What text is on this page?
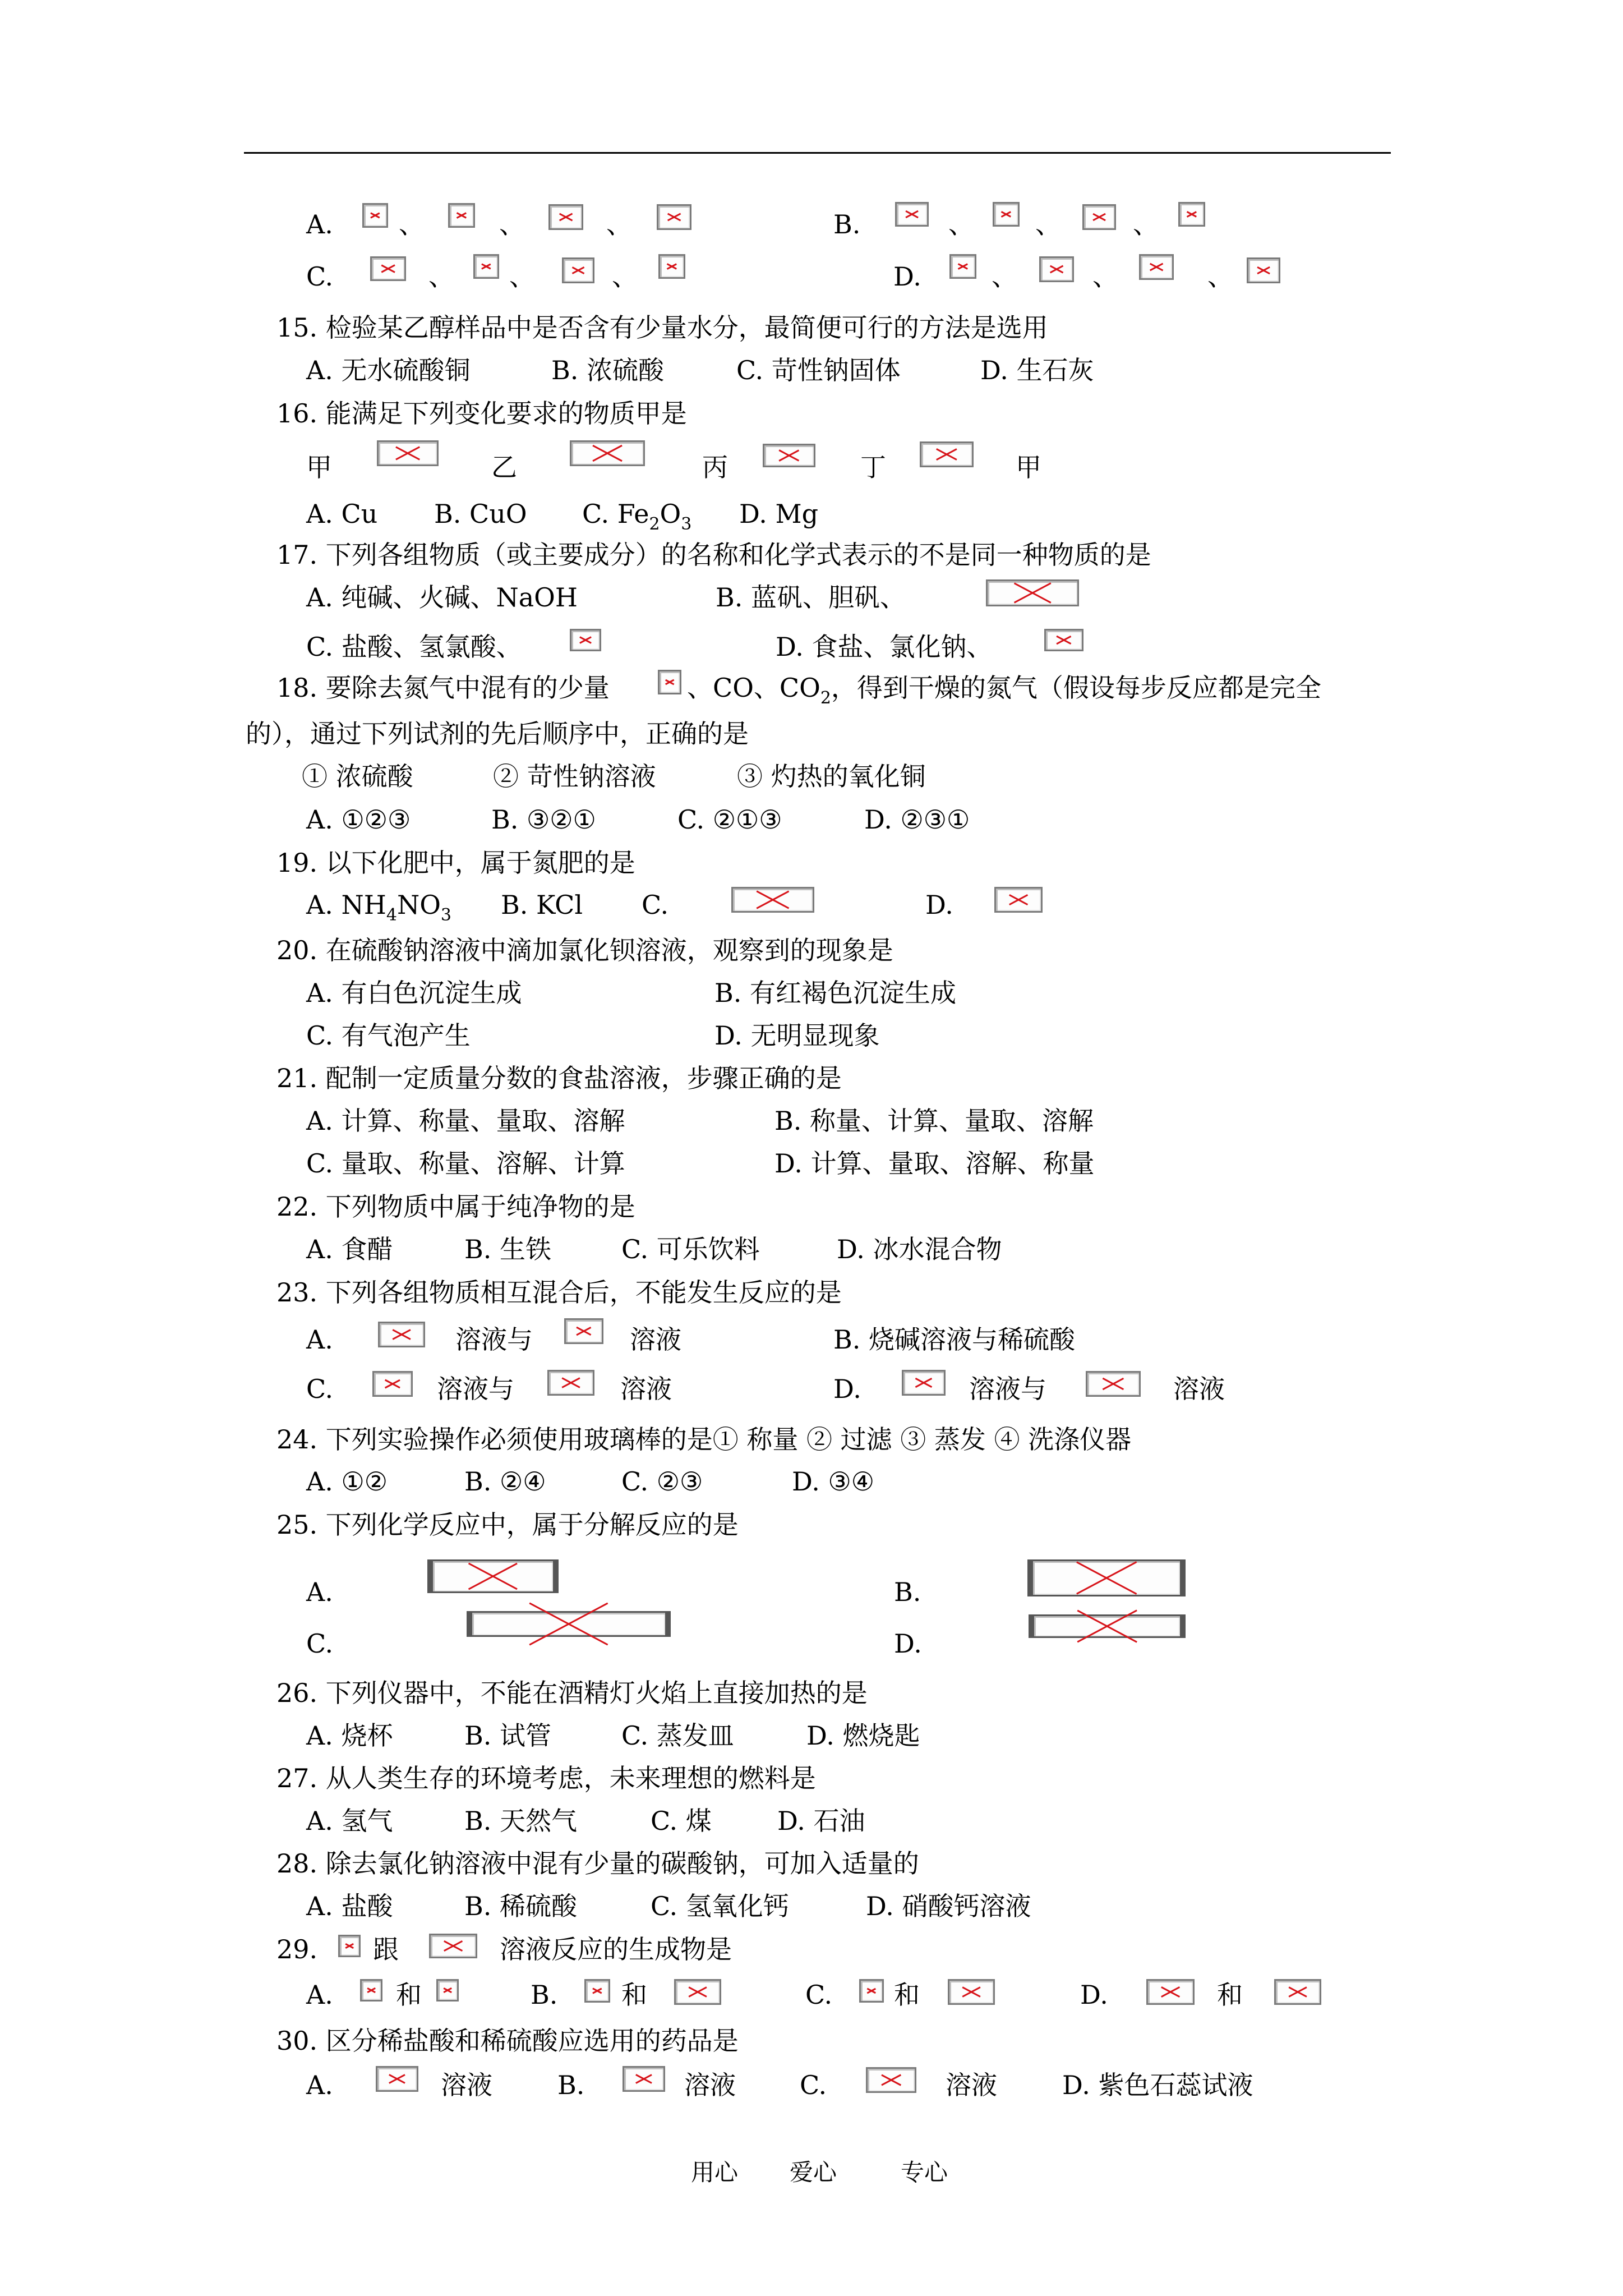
A.	、	、	、	B.	、 、	、
C.	、 、	、	D.	、	、	、
15. 检验某乙醇样品中是否含有少量水分，最简便可行的方法是选用
A. 无水硫酸铜	B. 浓硫酸	C. 苛性钠固体	D. 生石灰
16. 能满足下列变化要求的物质甲是
甲	乙	丙	丁	甲
A. Cu B. CuO C. $Fe_2O_3$ D. Mg
17. 下列各组物质（或主要成分）的名称和化学式表示的不是同一种物质的是
A. 纯碱、火碱、NaOH	B. 蓝矾、胆矾、
C. 盐酸、氢氯酸、	D. 食盐、氯化钠、
18. 要除去氮气中混有的少量	、CO、$CO_2$，得到干燥的氮气（假设每步反应都是完全
的），通过下列试剂的先后顺序中，正确的是
① 浓硫酸	② 苛性钠溶液	③ 灼热的氧化铜
A. ①②③	B. ③②①	C. ②①③	D. ②③①
19. 以下化肥中，属于氮肥的是
A. $NH_4NO_3$ B. KCl C.	D.
20. 在硫酸钠溶液中滴加氯化钡溶液，观察到的现象是
A. 有白色沉淀生成	B. 有红褐色沉淀生成
C. 有气泡产生	D. 无明显现象
21. 配制一定质量分数的食盐溶液，步骤正确的是
A. 计算、称量、量取、溶解	B. 称量、计算、量取、溶解
C. 量取、称量、溶解、计算	D. 计算、量取、溶解、称量
22. 下列物质中属于纯净物的是
A. 食醋	B. 生铁	C. 可乐饮料	D. 冰水混合物
23. 下列各组物质相互混合后，不能发生反应的是
A.	溶液与	溶液	B. 烧碱溶液与稀硫酸
C.	溶液与	溶液	D.	溶液与	溶液
24. 下列实验操作必须使用玻璃棒的是① 称量 ② 过滤 ③ 蒸发 ④ 洗涤仪器
A. ①②	B. ②④	C. ②③	D. ③④
25. 下列化学反应中，属于分解反应的是
A.	B.
C.	D.
26. 下列仪器中，不能在酒精灯火焰上直接加热的是
A. 烧杯	B. 试管	C. 蒸发皿	D. 燃烧匙
27. 从人类生存的环境考虑，未来理想的燃料是
A. 氢气	B. 天然气	C. 煤	D. 石油
28. 除去氯化钠溶液中混有少量的碳酸钠，可加入适量的
A. 盐酸	B. 稀硫酸	C. 氢氧化钙	D. 硝酸钙溶液
29. 跟	溶液反应的生成物是
A. 和	B. 和	C. 和	D.	和
30. 区分稀盐酸和稀硫酸应选用的药品是
A.	溶液	B.	溶液 C.	溶液	D. 紫色石蕊试液
用心 爱心	专心
